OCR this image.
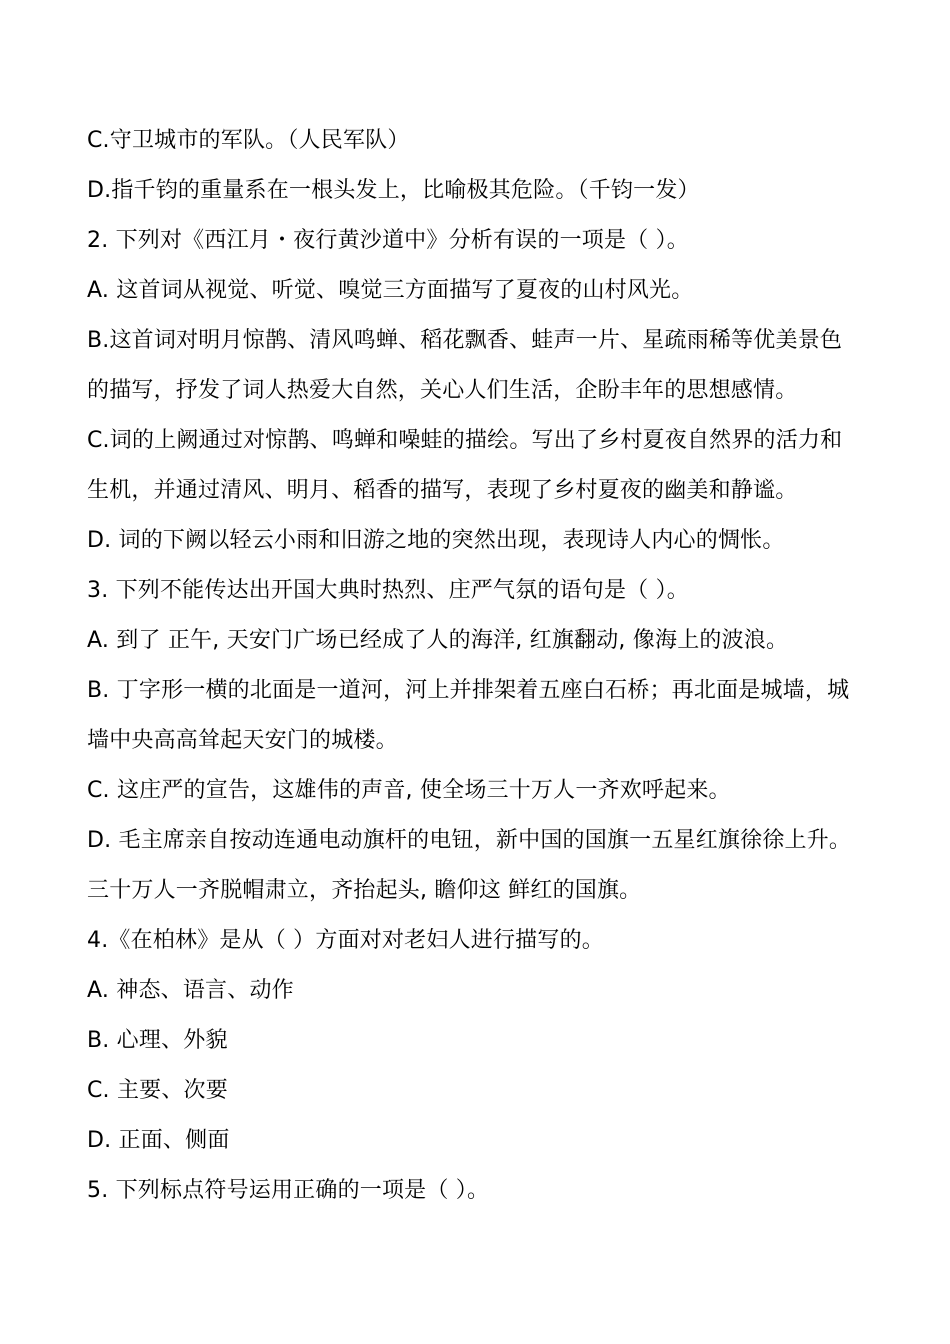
C.守卫城市的军队。（人民军队）
D.指千钧的重量系在一根头发上，比喻极其危险。（千钧一发）
2. 下列对《西江月・夜行黄沙道中》分析有误的一项是（ ）。
A. 这首词从视觉、听觉、嗅觉三方面描写了夏夜的山村风光。
B.这首词对明月惊鹊、清风鸣蝉、稻花飘香、蛙声一片、星疏雨稀等优美景色
的描写，抒发了词人热爱大自然，关心人们生活，企盼丰年的思想感情。
C.词的上阙通过对惊鹊、鸣蝉和噪蛙的描绘。写出了乡村夏夜自然界的活力和
生机，并通过清风、明月、稻香的描写，表现了乡村夏夜的幽美和静谧。
D. 词的下阙以轻云小雨和旧游之地的突然出现，表现诗人内心的惆怅。
3. 下列不能传达出开国大典时热烈、庄严气氛的语句是（ ）。
A. 到了 正午, 天安门广场已经成了人的海洋, 红旗翻动, 像海上的波浪。
B. 丁字形一横的北面是一道河，河上并排架着五座白石桥；再北面是城墙，城
墙中央高高耸起天安门的城楼。
C. 这庄严的宣告，这雄伟的声音, 使全场三十万人一齐欢呼起来。
D. 毛主席亲自按动连通电动旗杆的电钮，新中国的国旗一五星红旗徐徐上升。
三十万人一齐脱帽肃立，齐抬起头, 瞻仰这 鲜红的国旗。
4.《在柏林》是从（ ）方面对对老妇人进行描写的。
A. 神态、语言、动作
B. 心理、外貌
C. 主要、次要
D. 正面、侧面
5. 下列标点符号运用正确的一项是（ ）。
